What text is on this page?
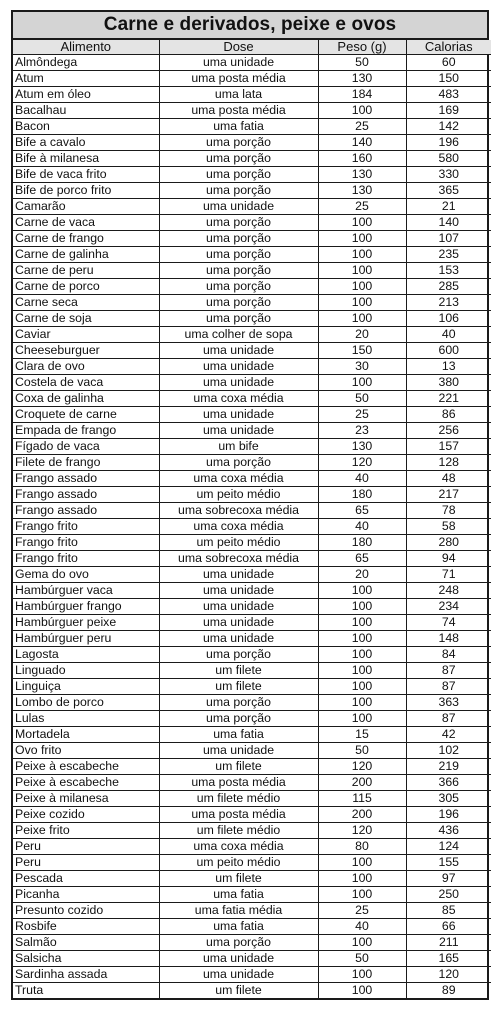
Carne e derivados, peixe e ovos
Alimento	Dose	Peso (g)	Calorias
Almôndega	uma unidade	50	60
Atum	uma posta média	130	150
Atum em óleo	uma lata	184	483
Bacalhau	uma posta média	100	169
Bacon	uma fatia	25	142
Bife a cavalo	uma porção	140	196
Bife à milanesa	uma porção	160	580
Bife de vaca frito	uma porção	130	330
Bife de porco frito	uma porção	130	365
Camarão	uma unidade	25	21
Carne de vaca	uma porção	100	140
Carne de frango	uma porção	100	107
Carne de galinha	uma porção	100	235
Carne de peru	uma porção	100	153
Carne de porco	uma porção	100	285
Carne seca	uma porção	100	213
Carne de soja	uma porção	100	106
Caviar	uma colher de sopa	20	40
Cheeseburguer	uma unidade	150	600
Clara de ovo	uma unidade	30	13
Costela de vaca	uma unidade	100	380
Coxa de galinha	uma coxa média	50	221
Croquete de carne	uma unidade	25	86
Empada de frango	uma unidade	23	256
Fígado de vaca	um bife	130	157
Filete de frango	uma porção	120	128
Frango assado	uma coxa média	40	48
Frango assado	um peito médio	180	217
Frango assado	uma sobrecoxa média	65	78
Frango frito	uma coxa média	40	58
Frango frito	um peito médio	180	280
Frango frito	uma sobrecoxa média	65	94
Gema do ovo	uma unidade	20	71
Hambúrguer vaca	uma unidade	100	248
Hambúrguer frango	uma unidade	100	234
Hambúrguer peixe	uma unidade	100	74
Hambúrguer peru	uma unidade	100	148
Lagosta	uma porção	100	84
Linguado	um filete	100	87
Linguiça	um filete	100	87
Lombo de porco	uma porção	100	363
Lulas	uma porção	100	87
Mortadela	uma fatia	15	42
Ovo frito	uma unidade	50	102
Peixe à escabeche	um filete	120	219
Peixe à escabeche	uma posta média	200	366
Peixe à milanesa	um filete médio	115	305
Peixe cozido	uma posta média	200	196
Peixe frito	um filete médio	120	436
Peru	uma coxa média	80	124
Peru	um peito médio	100	155
Pescada	um filete	100	97
Picanha	uma fatia	100	250
Presunto cozido	uma fatia média	25	85
Rosbife	uma fatia	40	66
Salmão	uma porção	100	211
Salsicha	uma unidade	50	165
Sardinha assada	uma unidade	100	120
Truta	um filete	100	89
